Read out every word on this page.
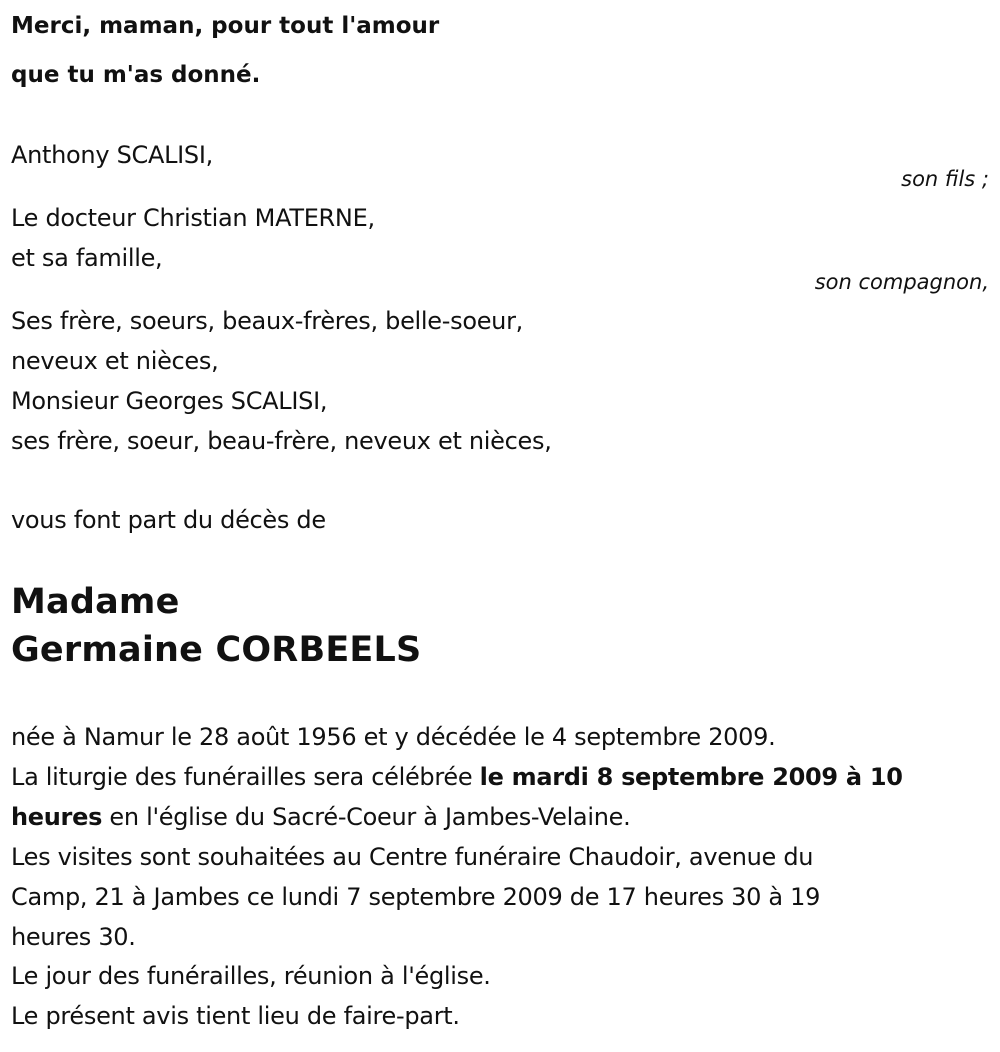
Merci, maman, pour tout l'amour
que tu m'as donné.
Anthony SCALISI,
son fils ;
Le docteur Christian MATERNE,
et sa famille,
son compagnon,
Ses frère, soeurs, beaux-frères, belle-soeur,
neveux et nièces,
Monsieur Georges SCALISI,
ses frère, soeur, beau-frère, neveux et nièces,
vous font part du décès de
Madame
Germaine CORBEELS
née à Namur le 28 août 1956 et y décédée le 4 septembre 2009.
La liturgie des funérailles sera célébrée le mardi 8 septembre 2009 à 10
heures en l'église du Sacré-Coeur à Jambes-Velaine.
Les visites sont souhaitées au Centre funéraire Chaudoir, avenue du
Camp, 21 à Jambes ce lundi 7 septembre 2009 de 17 heures 30 à 19
heures 30.
Le jour des funérailles, réunion à l'église.
Le présent avis tient lieu de faire-part.
